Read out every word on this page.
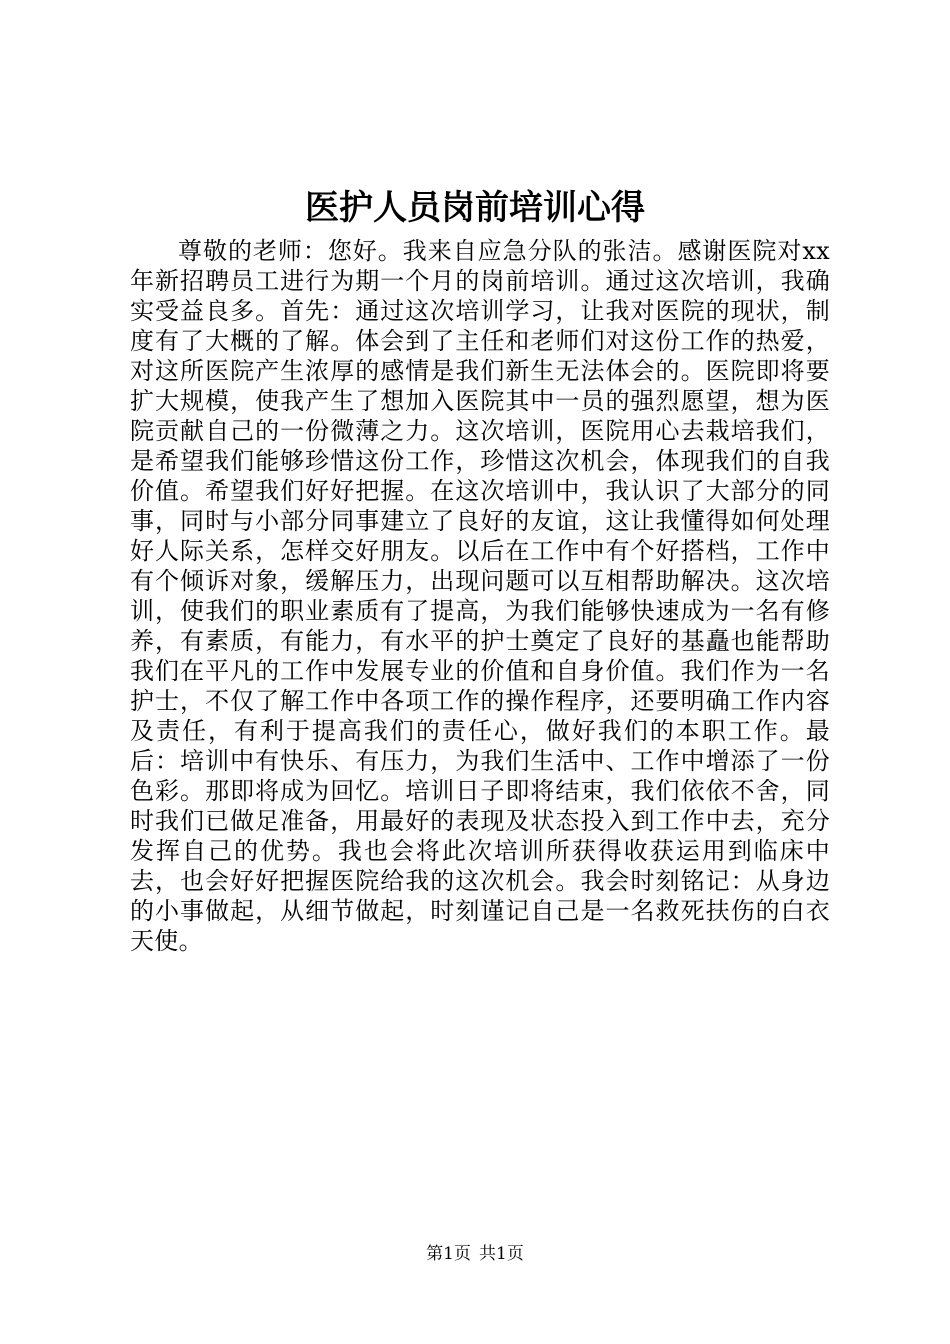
医护人员岗前培训心得

尊敬的老师：您好。我来自应急分队的张洁。感谢医院对xx年新招聘员工进行为期一个月的岗前培训。通过这次培训，我确实受益良多。首先：通过这次培训学习，让我对医院的现状，制度有了大概的了解。体会到了主任和老师们对这份工作的热爱，对这所医院产生浓厚的感情是我们新生无法体会的。医院即将要扩大规模，使我产生了想加入医院其中一员的强烈愿望，想为医院贡献自己的一份微薄之力。这次培训，医院用心去栽培我们，是希望我们能够珍惜这份工作，珍惜这次机会，体现我们的自我价值。希望我们好好把握。在这次培训中，我认识了大部分的同事，同时与小部分同事建立了良好的友谊，这让我懂得如何处理好人际关系，怎样交好朋友。以后在工作中有个好搭档，工作中有个倾诉对象，缓解压力，出现问题可以互相帮助解决。这次培训，使我们的职业素质有了提高，为我们能够快速成为一名有修养，有素质，有能力，有水平的护士奠定了良好的基矗也能帮助我们在平凡的工作中发展专业的价值和自身价值。我们作为一名护士，不仅了解工作中各项工作的操作程序，还要明确工作内容及责任，有利于提高我们的责任心，做好我们的本职工作。最后：培训中有快乐、有压力，为我们生活中、工作中增添了一份色彩。那即将成为回忆。培训日子即将结束，我们依依不舍，同时我们已做足准备，用最好的表现及状态投入到工作中去，充分发挥自己的优势。我也会将此次培训所获得收获运用到临床中去，也会好好把握医院给我的这次机会。我会时刻铭记：从身边的小事做起，从细节做起，时刻谨记自己是一名救死扶伤的白衣天使。

第1页 共1页
